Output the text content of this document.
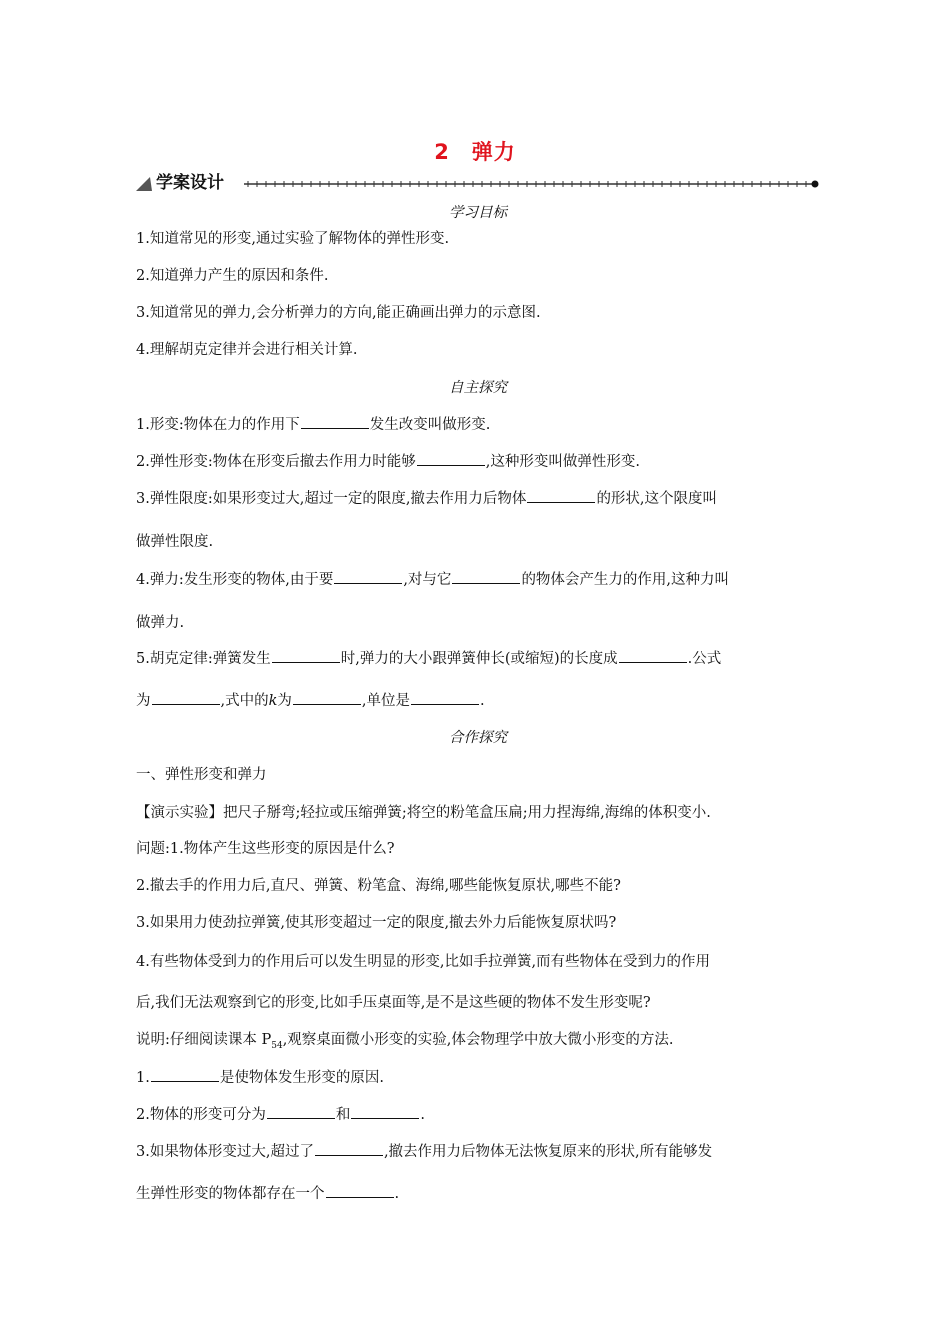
2　弹力
学案设计
学习目标
1.知道常见的形变,通过实验了解物体的弹性形变.
2.知道弹力产生的原因和条件.
3.知道常见的弹力,会分析弹力的方向,能正确画出弹力的示意图.
4.理解胡克定律并会进行相关计算.
自主探究
1.形变:物体在力的作用下	发生改变叫做形变.
2.弹性形变:物体在形变后撤去作用力时能够	,这种形变叫做弹性形变.
3.弹性限度:如果形变过大,超过一定的限度,撤去作用力后物体	的形状,这个限度叫
做弹性限度.
4.弹力:发生形变的物体,由于要	,对与它	的物体会产生力的作用,这种力叫
做弹力.
5.胡克定律:弹簧发生	时,弹力的大小跟弹簧伸长(或缩短)的长度成	.公式
为	,式中的k为	,单位是	.
合作探究
一、弹性形变和弹力
【演示实验】把尺子掰弯;轻拉或压缩弹簧;将空的粉笔盒压扁;用力捏海绵,海绵的体积变小.
问题:1.物体产生这些形变的原因是什么?
2.撤去手的作用力后,直尺、弹簧、粉笔盒、海绵,哪些能恢复原状,哪些不能?
3.如果用力使劲拉弹簧,使其形变超过一定的限度,撤去外力后能恢复原状吗?
4.有些物体受到力的作用后可以发生明显的形变,比如手拉弹簧,而有些物体在受到力的作用
后,我们无法观察到它的形变,比如手压桌面等,是不是这些硬的物体不发生形变呢?
说明:仔细阅读课本 $P_{54}$,观察桌面微小形变的实验,体会物理学中放大微小形变的方法.
1.	是使物体发生形变的原因.
2.物体的形变可分为	和	.
3.如果物体形变过大,超过了	,撤去作用力后物体无法恢复原来的形状,所有能够发
生弹性形变的物体都存在一个	.
